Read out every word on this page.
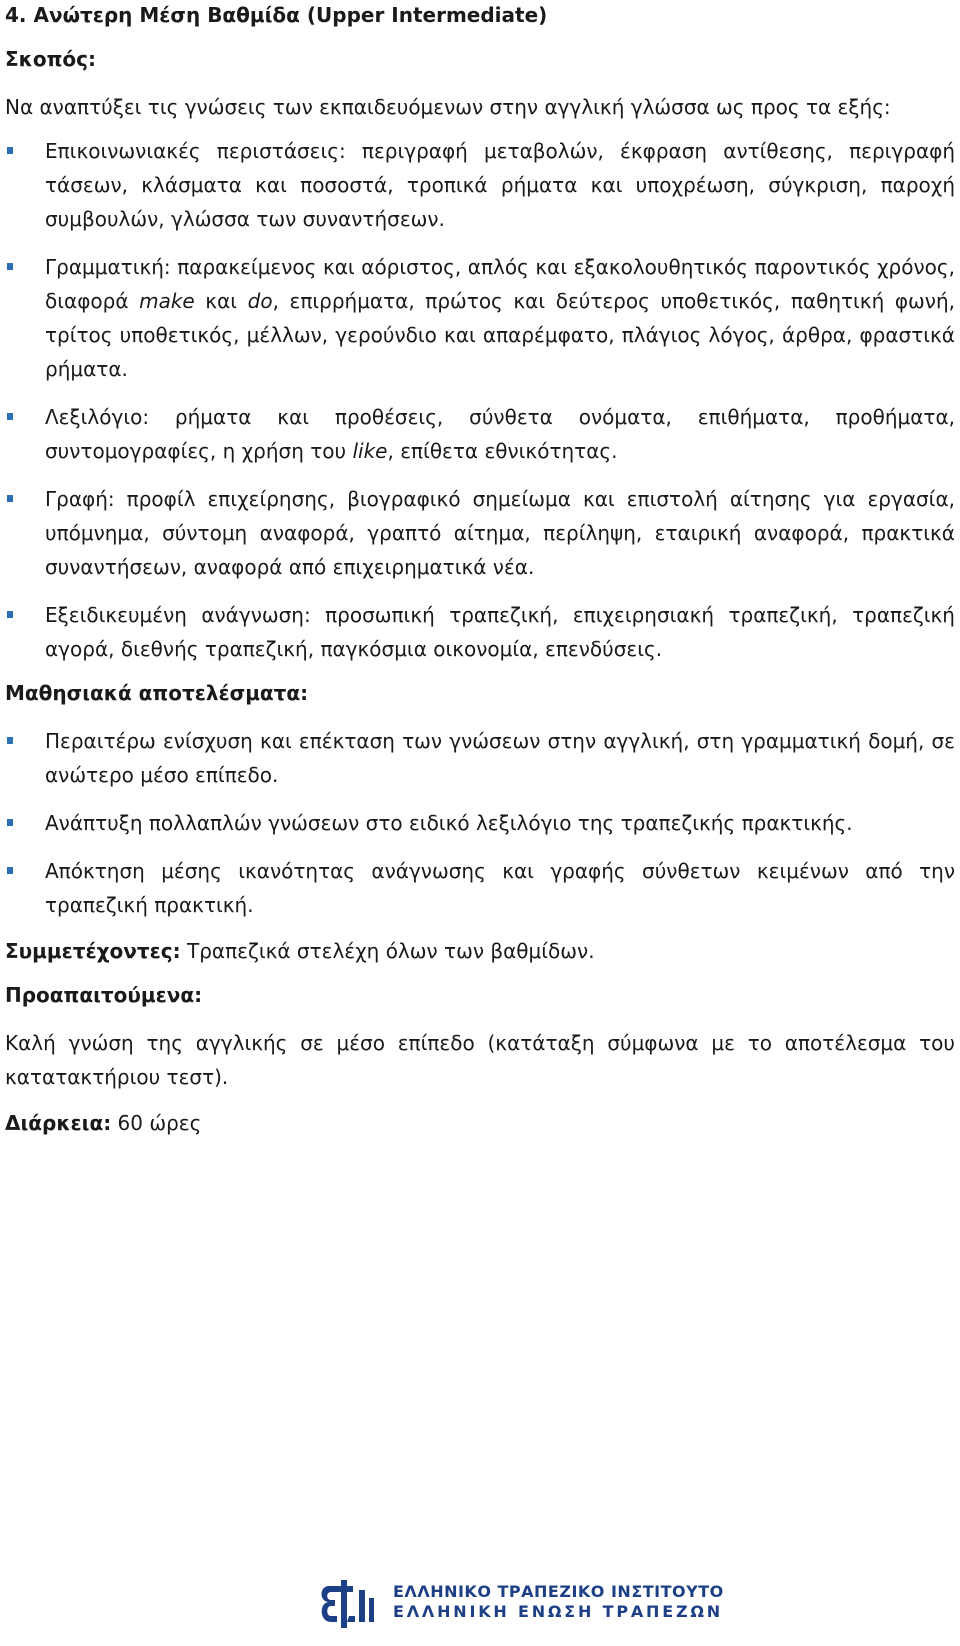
4. Ανώτερη Μέση Βαθμίδα (Upper Intermediate)

Σκοπός:

Να αναπτύξει τις γνώσεις των εκπαιδευόμενων στην αγγλική γλώσσα ως προς τα εξής:

Επικοινωνιακές περιστάσεις: περιγραφή μεταβολών, έκφραση αντίθεσης, περιγραφή τάσεων, κλάσματα και ποσοστά, τροπικά ρήματα και υποχρέωση, σύγκριση, παροχή συμβουλών, γλώσσα των συναντήσεων.
Γραμματική: παρακείμενος και αόριστος, απλός και εξακολουθητικός παροντικός χρόνος, διαφορά make και do, επιρρήματα, πρώτος και δεύτερος υποθετικός, παθητική φωνή, τρίτος υποθετικός, μέλλων, γερούνδιο και απαρέμφατο, πλάγιος λόγος, άρθρα, φραστικά ρήματα.
Λεξιλόγιο: ρήματα και προθέσεις, σύνθετα ονόματα, επιθήματα, προθήματα, συντομογραφίες, η χρήση του like, επίθετα εθνικότητας.
Γραφή: προφίλ επιχείρησης, βιογραφικό σημείωμα και επιστολή αίτησης για εργασία, υπόμνημα, σύντομη αναφορά, γραπτό αίτημα, περίληψη, εταιρική αναφορά, πρακτικά συναντήσεων, αναφορά από επιχειρηματικά νέα.
Εξειδικευμένη ανάγνωση: προσωπική τραπεζική, επιχειρησιακή τραπεζική, τραπεζική αγορά, διεθνής τραπεζική, παγκόσμια οικονομία, επενδύσεις.

Μαθησιακά αποτελέσματα:

Περαιτέρω ενίσχυση και επέκταση των γνώσεων στην αγγλική, στη γραμματική δομή, σε ανώτερο μέσο επίπεδο.
Ανάπτυξη πολλαπλών γνώσεων στο ειδικό λεξιλόγιο της τραπεζικής πρακτικής.
Απόκτηση μέσης ικανότητας ανάγνωσης και γραφής σύνθετων κειμένων από την τραπεζική πρακτική.

Συμμετέχοντες: Τραπεζικά στελέχη όλων των βαθμίδων.

Προαπαιτούμενα:

Καλή γνώση της αγγλικής σε μέσο επίπεδο (κατάταξη σύμφωνα με το αποτέλεσμα του κατατακτήριου τεστ).

Διάρκεια: 60 ώρες

ΕΛΛΗΝΙΚΟ ΤΡΑΠΕΖΙΚΟ ΙΝΣΤΙΤΟΥΤΟ
ΕΛΛΗΝΙΚΗ ΕΝΩΣΗ ΤΡΑΠΕΖΩΝ
